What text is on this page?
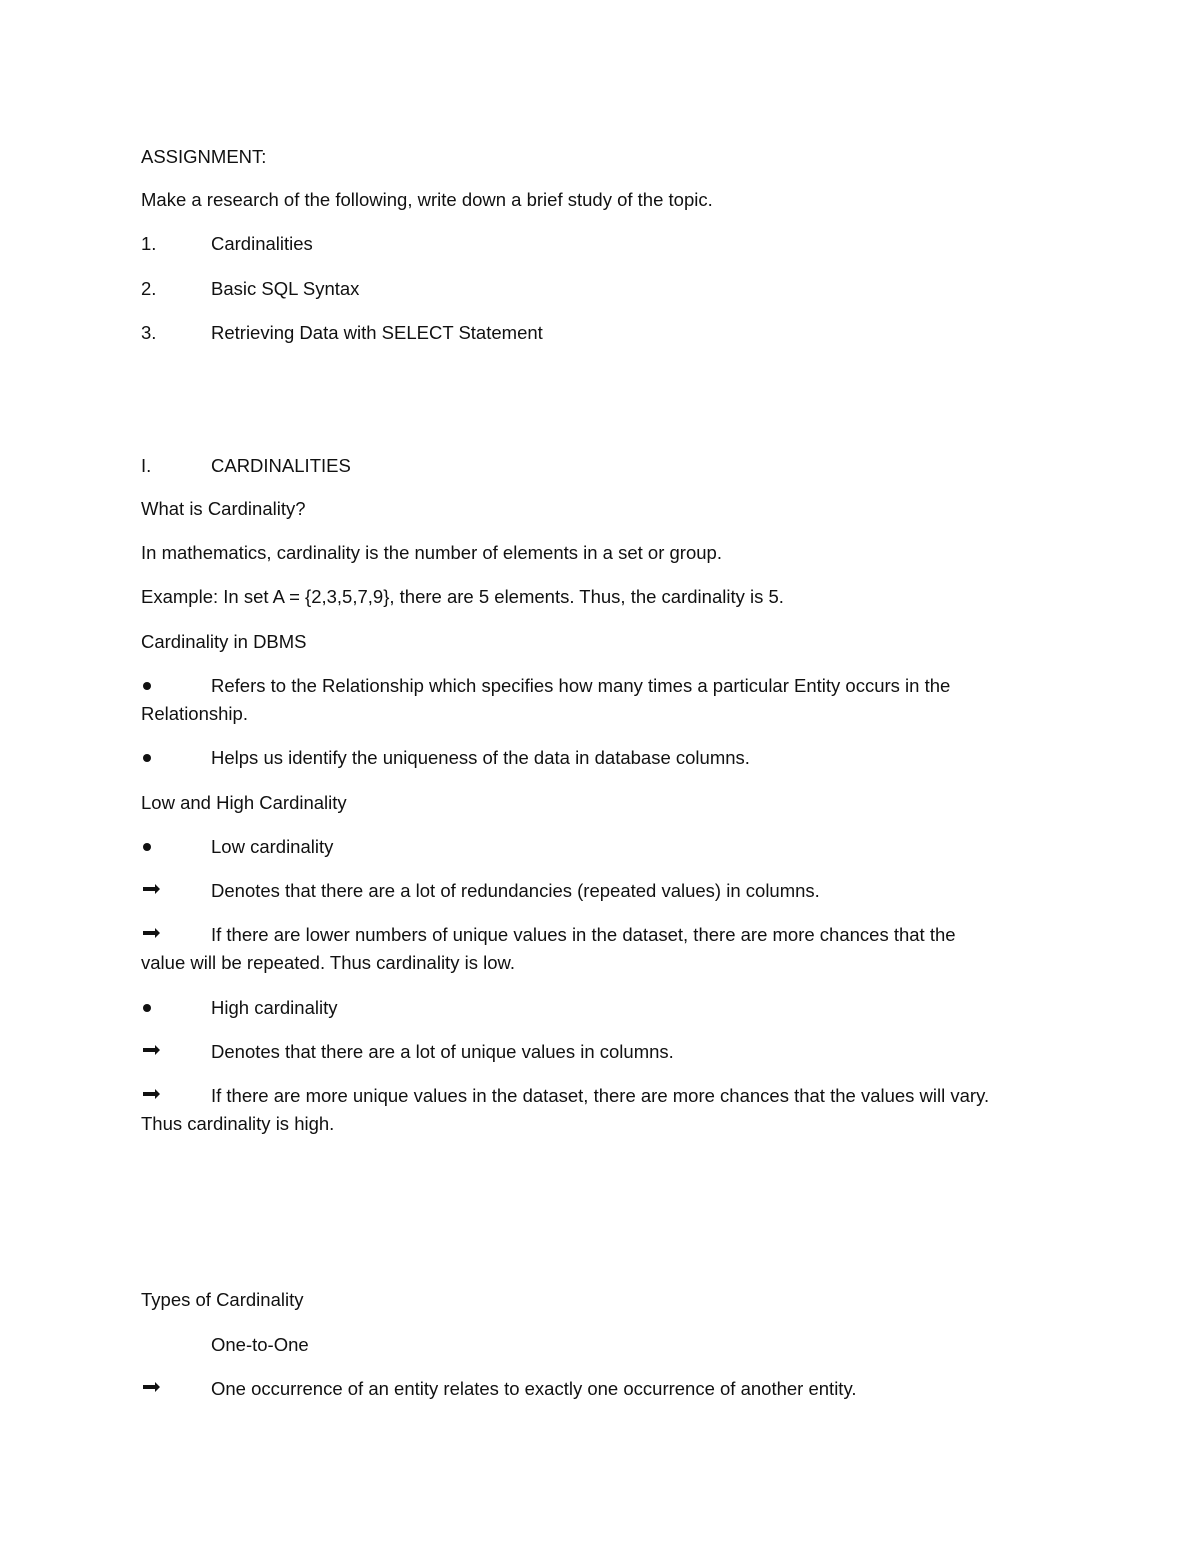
ASSIGNMENT:
Make a research of the following, write down a brief study of the topic.
1.	Cardinalities
2.	Basic SQL Syntax
3.	Retrieving Data with SELECT Statement
I.	CARDINALITIES
What is Cardinality?
In mathematics, cardinality is the number of elements in a set or group.
Example: In set A = {2,3,5,7,9}, there are 5 elements. Thus, the cardinality is 5.
Cardinality in DBMS
Refers to the Relationship which specifies how many times a particular Entity occurs in the
Relationship.
Helps us identify the uniqueness of the data in database columns.
Low and High Cardinality
Low cardinality
Denotes that there are a lot of redundancies (repeated values) in columns.
If there are lower numbers of unique values in the dataset, there are more chances that the
value will be repeated. Thus cardinality is low.
High cardinality
Denotes that there are a lot of unique values in columns.
If there are more unique values in the dataset, there are more chances that the values will vary.
Thus cardinality is high.
Types of Cardinality
One-to-One
One occurrence of an entity relates to exactly one occurrence of another entity.
